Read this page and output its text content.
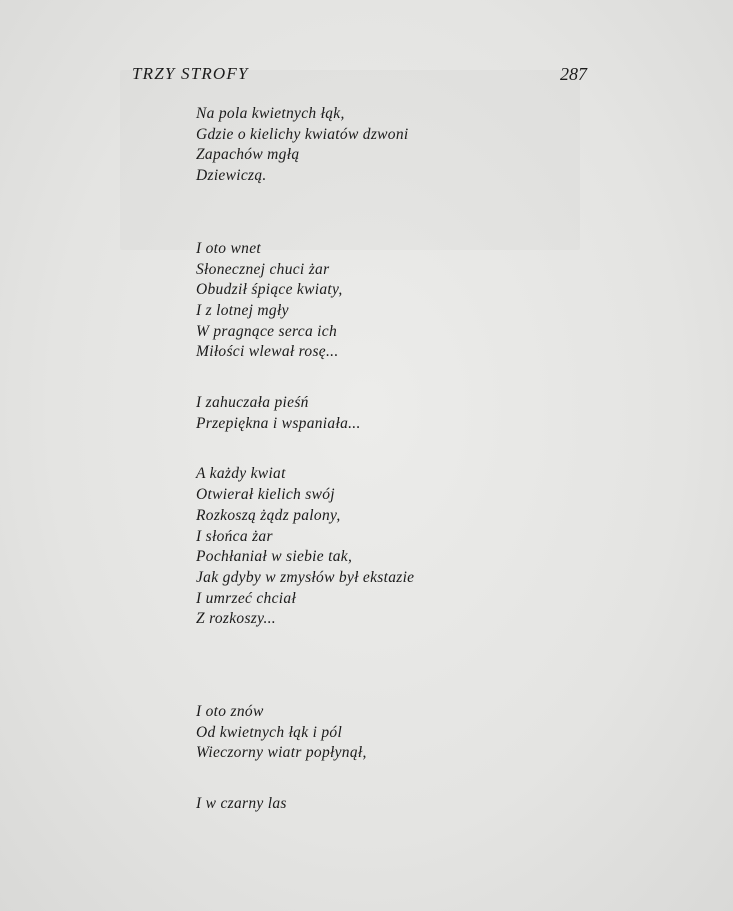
TRZY STROFY	287
Na pola kwietnych łąk,
Gdzie o kielichy kwiatów dzwoni
Zapachów mgłą
Dziewiczą.
I oto wnet
Słonecznej chuci żar
Obudził śpiące kwiaty,
I z lotnej mgły
W pragnące serca ich
Miłości wlewał rosę...
I zahuczała pieśń
Przepiękna i wspaniała...
A każdy kwiat
Otwierał kielich swój
Rozkoszą żądz palony,
I słońca żar
Pochłaniał w siebie tak,
Jak gdyby w zmysłów był ekstazie
I umrzeć chciał
Z rozkoszy...
I oto znów
Od kwietnych łąk i pól
Wieczorny wiatr popłynął,
I w czarny las
